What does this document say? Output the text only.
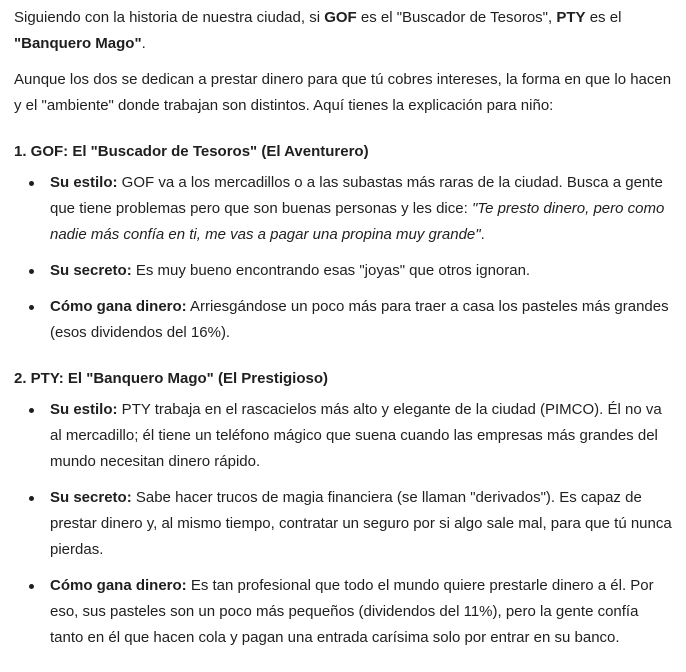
Siguiendo con la historia de nuestra ciudad, si GOF es el "Buscador de Tesoros", PTY es el "Banquero Mago".

Aunque los dos se dedican a prestar dinero para que tú cobres intereses, la forma en que lo hacen y el "ambiente" donde trabajan son distintos. Aquí tienes la explicación para niño:

1. GOF: El "Buscador de Tesoros" (El Aventurero)
Su estilo: GOF va a los mercadillos o a las subastas más raras de la ciudad. Busca a gente que tiene problemas pero que son buenas personas y les dice: "Te presto dinero, pero como nadie más confía en ti, me vas a pagar una propina muy grande".
Su secreto: Es muy bueno encontrando esas "joyas" que otros ignoran.
Cómo gana dinero: Arriesgándose un poco más para traer a casa los pasteles más grandes (esos dividendos del 16%).
2. PTY: El "Banquero Mago" (El Prestigioso)
Su estilo: PTY trabaja en el rascacielos más alto y elegante de la ciudad (PIMCO). Él no va al mercadillo; él tiene un teléfono mágico que suena cuando las empresas más grandes del mundo necesitan dinero rápido.
Su secreto: Sabe hacer trucos de magia financiera (se llaman "derivados"). Es capaz de prestar dinero y, al mismo tiempo, contratar un seguro por si algo sale mal, para que tú nunca pierdas.
Cómo gana dinero: Es tan profesional que todo el mundo quiere prestarle dinero a él. Por eso, sus pasteles son un poco más pequeños (dividendos del 11%), pero la gente confía tanto en él que hacen cola y pagan una entrada carísima solo por entrar en su banco.
